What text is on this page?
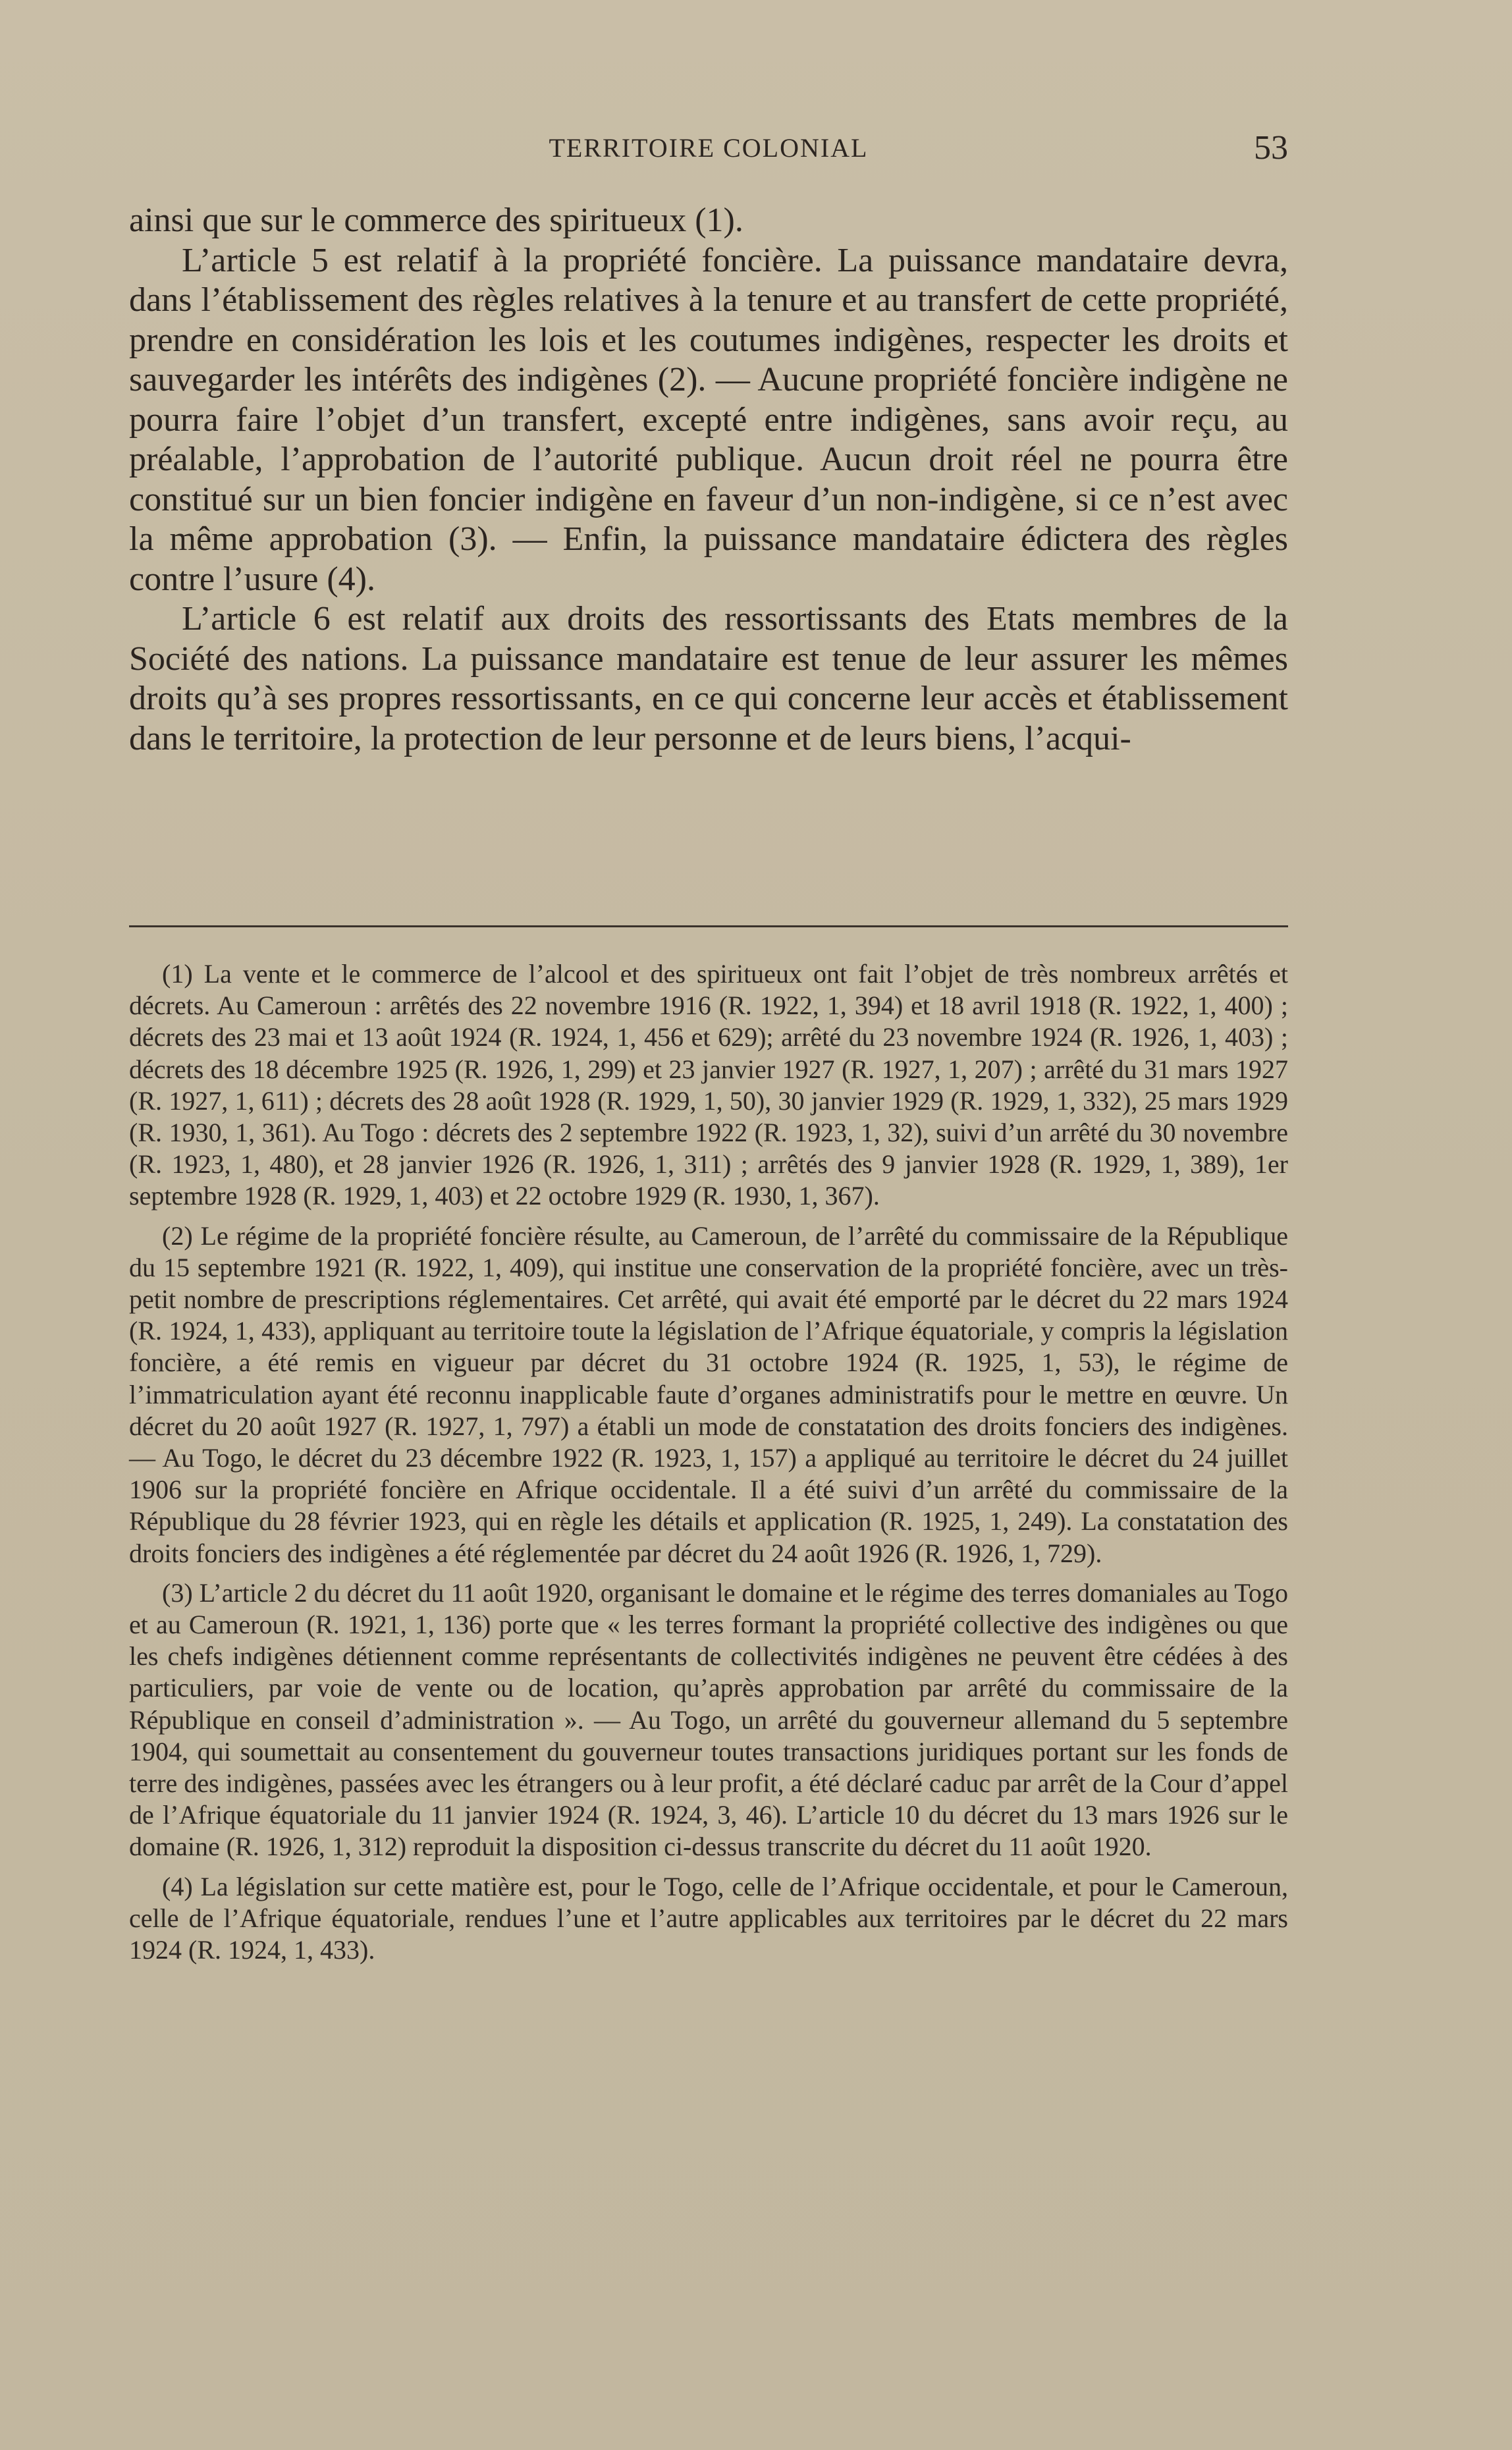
TERRITOIRE COLONIAL	53

ainsi que sur le commerce des spiritueux (1).

L’article 5 est relatif à la propriété foncière. La puissance mandataire devra, dans l’établissement des règles relatives à la tenure et au transfert de cette propriété, prendre en considération les lois et les coutumes indigènes, respecter les droits et sauvegarder les intérêts des indigènes (2). — Aucune propriété foncière indigène ne pourra faire l’objet d’un transfert, excepté entre indigènes, sans avoir reçu, au préalable, l’approbation de l’autorité publique. Aucun droit réel ne pourra être constitué sur un bien foncier indigène en faveur d’un non-indigène, si ce n’est avec la même approbation (3). — Enfin, la puissance mandataire édictera des règles contre l’usure (4).

L’article 6 est relatif aux droits des ressortissants des Etats membres de la Société des nations. La puissance mandataire est tenue de leur assurer les mêmes droits qu’à ses propres ressortissants, en ce qui concerne leur accès et établissement dans le territoire, la protection de leur personne et de leurs biens, l’acqui-

(1) La vente et le commerce de l’alcool et des spiritueux ont fait l’objet de très nombreux arrêtés et décrets. Au Cameroun : arrêtés des 22 novembre 1916 (R. 1922, 1, 394) et 18 avril 1918 (R. 1922, 1, 400) ; décrets des 23 mai et 13 août 1924 (R. 1924, 1, 456 et 629); arrêté du 23 novembre 1924 (R. 1926, 1, 403) ; décrets des 18 décembre 1925 (R. 1926, 1, 299) et 23 janvier 1927 (R. 1927, 1, 207) ; arrêté du 31 mars 1927 (R. 1927, 1, 611) ; décrets des 28 août 1928 (R. 1929, 1, 50), 30 janvier 1929 (R. 1929, 1, 332), 25 mars 1929 (R. 1930, 1, 361). Au Togo : décrets des 2 septembre 1922 (R. 1923, 1, 32), suivi d’un arrêté du 30 novembre (R. 1923, 1, 480), et 28 janvier 1926 (R. 1926, 1, 311) ; arrêtés des 9 janvier 1928 (R. 1929, 1, 389), 1er septembre 1928 (R. 1929, 1, 403) et 22 octobre 1929 (R. 1930, 1, 367).

(2) Le régime de la propriété foncière résulte, au Cameroun, de l’arrêté du commissaire de la République du 15 septembre 1921 (R. 1922, 1, 409), qui institue une conservation de la propriété foncière, avec un très-petit nombre de prescriptions réglementaires. Cet arrêté, qui avait été emporté par le décret du 22 mars 1924 (R. 1924, 1, 433), appliquant au territoire toute la législation de l’Afrique équatoriale, y compris la législation foncière, a été remis en vigueur par décret du 31 octobre 1924 (R. 1925, 1, 53), le régime de l’immatriculation ayant été reconnu inapplicable faute d’organes administratifs pour le mettre en œuvre. Un décret du 20 août 1927 (R. 1927, 1, 797) a établi un mode de constatation des droits fonciers des indigènes. — Au Togo, le décret du 23 décembre 1922 (R. 1923, 1, 157) a appliqué au territoire le décret du 24 juillet 1906 sur la propriété foncière en Afrique occidentale. Il a été suivi d’un arrêté du commissaire de la République du 28 février 1923, qui en règle les détails et application (R. 1925, 1, 249). La constatation des droits fonciers des indigènes a été réglementée par décret du 24 août 1926 (R. 1926, 1, 729).

(3) L’article 2 du décret du 11 août 1920, organisant le domaine et le régime des terres domaniales au Togo et au Cameroun (R. 1921, 1, 136) porte que « les terres formant la propriété collective des indigènes ou que les chefs indigènes détiennent comme représentants de collectivités indigènes ne peuvent être cédées à des particuliers, par voie de vente ou de location, qu’après approbation par arrêté du commissaire de la République en conseil d’administration ». — Au Togo, un arrêté du gouverneur allemand du 5 septembre 1904, qui soumettait au consentement du gouverneur toutes transactions juridiques portant sur les fonds de terre des indigènes, passées avec les étrangers ou à leur profit, a été déclaré caduc par arrêt de la Cour d’appel de l’Afrique équatoriale du 11 janvier 1924 (R. 1924, 3, 46). L’article 10 du décret du 13 mars 1926 sur le domaine (R. 1926, 1, 312) reproduit la disposition ci-dessus transcrite du décret du 11 août 1920.

(4) La législation sur cette matière est, pour le Togo, celle de l’Afrique occidentale, et pour le Cameroun, celle de l’Afrique équatoriale, rendues l’une et l’autre applicables aux territoires par le décret du 22 mars 1924 (R. 1924, 1, 433).
